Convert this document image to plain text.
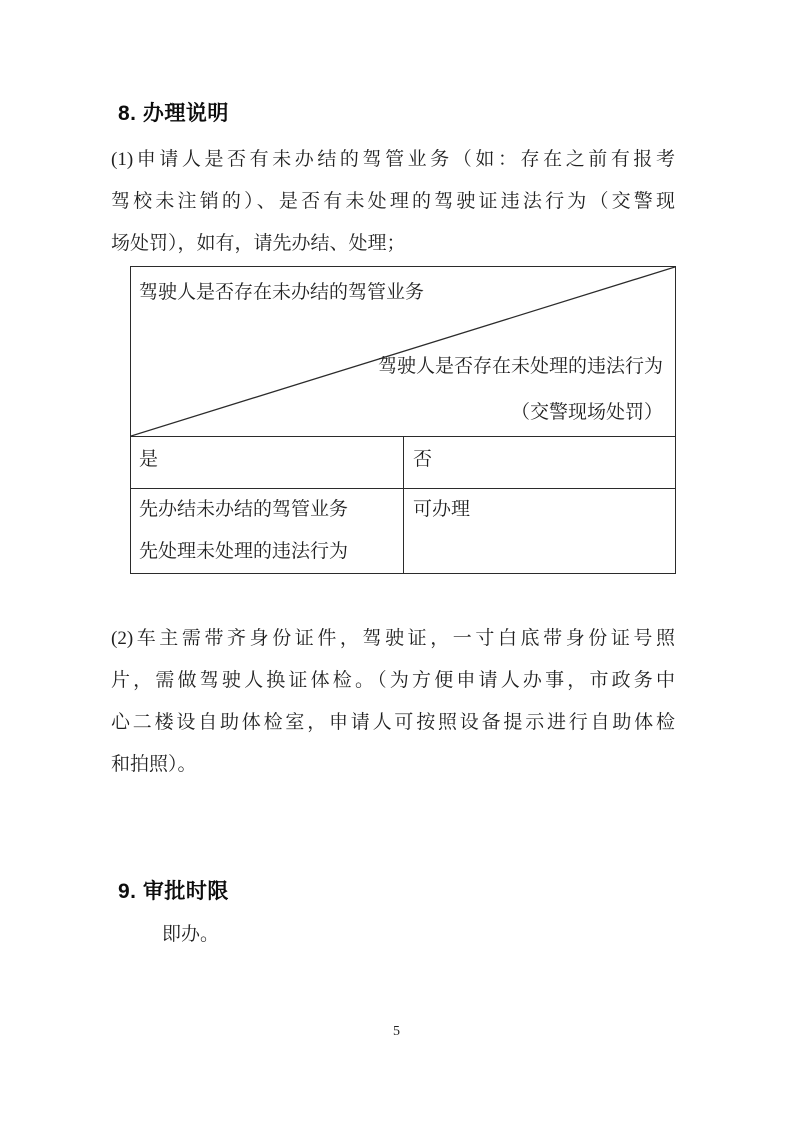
8. 办理说明
(1)申请人是否有未办结的驾管业务（如：存在之前有报考
驾校未注销的）、是否有未处理的驾驶证违法行为（交警现
场处罚），如有，请先办结、处理；
驾驶人是否存在未办结的驾管业务
驾驶人是否存在未处理的违法行为
（交警现场处罚）
是	否
先办结未办结的驾管业务
先处理未处理的违法行为
可办理
(2)车主需带齐身份证件，驾驶证，一寸白底带身份证号照
片，需做驾驶人换证体检。（为方便申请人办事，市政务中
心二楼设自助体检室，申请人可按照设备提示进行自助体检
和拍照）。
9. 审批时限
即办。
5
